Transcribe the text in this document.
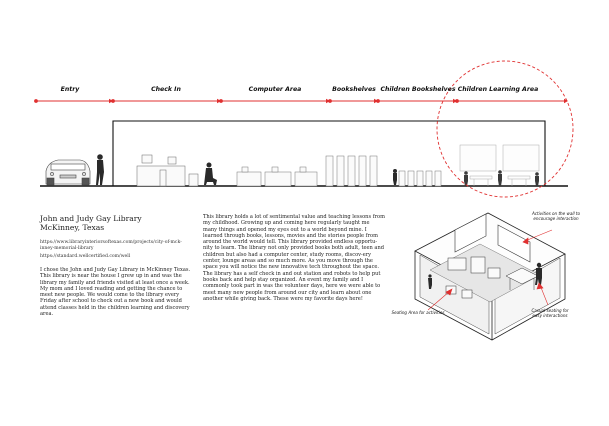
Entry	Check In	Computer Area	Bookshelves Children Bookshelves Children Learning Area
John and Judy Gay Library
McKinney, Texas
https://www.libraryinteriorsoftexas.com/projects/city-of-mck-inney-memorial-library
https://standard.wellcertified.com/well
I chose the John and Judy Gay Library in McKinney Texas. This library is near the house I grew up in and was the library my family and friends visited at least once a week. My mom and I loved reading and getting the chance to meet new people. We would come to the library every Friday after school to check out a new book and would attend classes held in the children learning and discovery area.
This library holds a lot of sentimental value and teaching lessons from my childhood. Growing up and coming here regularly taught me many things and opened my eyes out to a world beyond mine. I learned through books, lessons, movies and the stories people from around the world would tell. This library provided endless opportu-nity to learn. The library not only provided books both adult, teen and children but also had a computer center, study rooms, discov-ery center, lounge areas and so much more. As you move through the space you will notice the new innovative tech throughout the space. The library has a self check in and out station and robots to help put books back and help stay organized. An event my family and I commonly took part in was the volunteer days, here we were able to meet many new people from around our city and learn about one another while giving back. These were my favorite days here!
Activities on the wall to encourage interaction
Seating Area for activities	Casual seating for easy interactions
